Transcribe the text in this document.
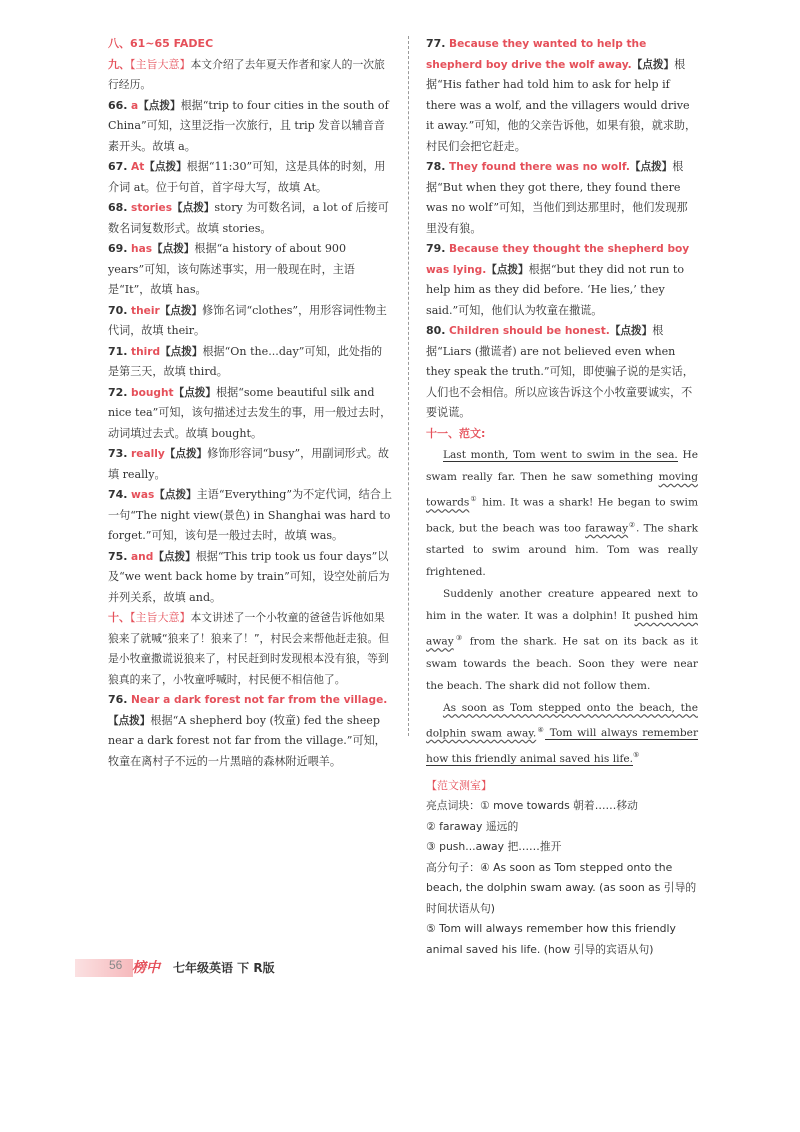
八、61~65 FADEC
九、【主旨大意】本文介绍了去年夏天作者和家人的一次旅行经历。
66. a【点拨】根据“trip to four cities in the south of China”可知，这里泛指一次旅行，且 trip 发音以辅音音素开头。故填 a。
67. At【点拨】根据“11:30”可知，这是具体的时刻，用介词 at。位于句首，首字母大写，故填 At。
68. stories【点拨】story 为可数名词，a lot of 后接可数名词复数形式。故填 stories。
69. has【点拨】根据“a history of about 900 years”可知，该句陈述事实，用一般现在时，主语是“It”，故填 has。
70. their【点拨】修饰名词“clothes”，用形容词性物主代词，故填 their。
71. third【点拨】根据“On the...day”可知，此处指的是第三天，故填 third。
72. bought【点拨】根据“some beautiful silk and nice tea”可知，该句描述过去发生的事，用一般过去时，动词填过去式。故填 bought。
73. really【点拨】修饰形容词“busy”，用副词形式。故填 really。
74. was【点拨】主语“Everything”为不定代词，结合上一句“The night view(景色) in Shanghai was hard to forget.”可知，该句是一般过去时，故填 was。
75. and【点拨】根据“This trip took us four days”以及“we went back home by train”可知，设空处前后为并列关系，故填 and。
十、【主旨大意】本文讲述了一个小牧童的爸爸告诉他如果狼来了就喊“狼来了！狼来了！”，村民会来帮他赶走狼。但是小牧童撒谎说狼来了，村民赶到时发现根本没有狼，等到狼真的来了，小牧童呼喊时，村民便不相信他了。
76. Near a dark forest not far from the village.【点拨】根据“A shepherd boy (牧童) fed the sheep near a dark forest not far from the village.”可知，牧童在离村子不远的一片黑暗的森林附近喂羊。
77. Because they wanted to help the shepherd boy drive the wolf away.【点拨】根据“His father had told him to ask for help if there was a wolf, and the villagers would drive it away.”可知，他的父亲告诉他，如果有狼，就求助，村民们会把它赶走。
78. They found there was no wolf.【点拨】根据“But when they got there, they found there was no wolf”可知，当他们到达那里时，他们发现那里没有狼。
79. Because they thought the shepherd boy was lying.【点拨】根据“but they did not run to help him as they did before. ‘He lies,’ they said.”可知，他们认为牧童在撒谎。
80. Children should be honest.【点拨】根据“Liars (撒谎者) are not believed even when they speak the truth.”可知，即使骗子说的是实话，人们也不会相信。所以应该告诉这个小牧童要诚实，不要说谎。
十一、范文:

Last month, Tom went to swim in the sea. He swam really far. Then he saw something moving towards① him. It was a shark! He began to swim back, but the beach was too faraway②. The shark started to swim around him. Tom was really frightened.

Suddenly another creature appeared next to him in the water. It was a dolphin! It pushed him away③ from the shark. He sat on its back as it swam towards the beach. Soon they were near the beach. The shark did not follow them.

As soon as Tom stepped onto the beach, the dolphin swam away.④ Tom will always remember how this friendly animal saved his life.⑤

【范文测室】
亮点词块：① move towards 朝着……移动
② faraway 遥远的
③ push...away 把……推开
高分句子：④ As soon as Tom stepped onto the beach, the dolphin swam away. (as soon as 引导的时间状语从句)
⑤ Tom will always remember how this friendly animal saved his life. (how 引导的宾语从句)
56 榜中 七年级英语 下 R版
